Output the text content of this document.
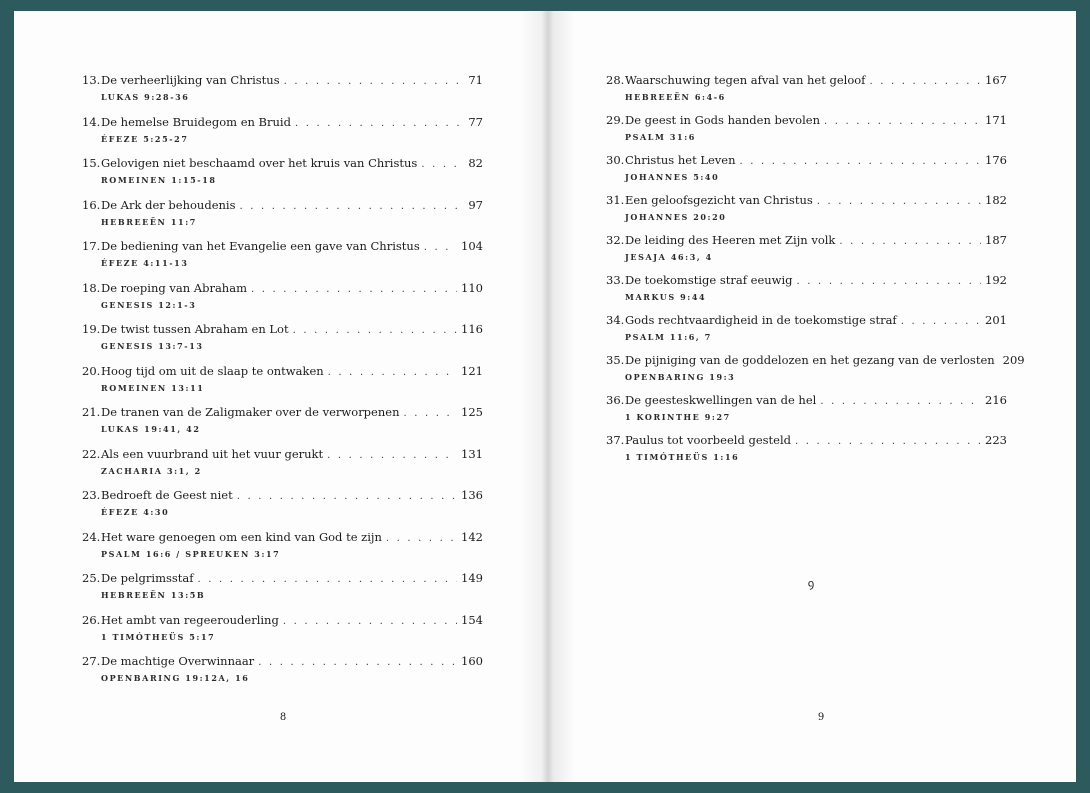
13. De verheerlijking van Christus . . .	71
LUKAS 9:28-36
14. De hemelse Bruidegom en Bruid . . .	77
ÉFEZE 5:25-27
15. Gelovigen niet beschaamd over het kruis van Christus . . .	82
ROMEINEN 1:15-18
16. De Ark der behoudenis . . .	97
HEBREEËN 11:7
17. De bediening van het Evangelie een gave van Christus . . .	104
ÉFEZE 4:11-13
18. De roeping van Abraham . . .	110
GENESIS 12:1-3
19. De twist tussen Abraham en Lot . . .	116
GENESIS 13:7-13
20. Hoog tijd om uit de slaap te ontwaken . . .	121
ROMEINEN 13:11
21. De tranen van de Zaligmaker over de verworpenen . . .	125
LUKAS 19:41, 42
22. Als een vuurbrand uit het vuur gerukt . . .	131
ZACHARIA 3:1, 2
23. Bedroeft de Geest niet . . .	136
ÉFEZE 4:30
24. Het ware genoegen om een kind van God te zijn . . .	142
PSALM 16:6 / SPREUKEN 3:17
25. De pelgrimsstaf . . .	149
HEBREEËN 13:5B
26. Het ambt van regeerouderling . . .	154
1 TIMÓTHEÜS 5:17
27. De machtige Overwinnaar . . .	160
OPENBARING 19:12A, 16
8
ꝯ
9
28. Waarschuwing tegen afval van het geloof . . .	167
HEBREEËN 6:4-6
29. De geest in Gods handen bevolen . . .	171
PSALM 31:6
30. Christus het Leven . . .	176
JOHANNES 5:40
31. Een geloofsgezicht van Christus . . .	182
JOHANNES 20:20
32. De leiding des Heeren met Zijn volk . . .	187
JESAJA 46:3, 4
33. De toekomstige straf eeuwig . . .	192
MARKUS 9:44
34. Gods rechtvaardigheid in de toekomstige straf . . .	201
PSALM 11:6, 7
35. De pijniging van de goddelozen en het gezang van de verlosten 209
OPENBARING 19:3
36. De geesteskwellingen van de hel . . .	216
1 KORINTHE 9:27
37. Paulus tot voorbeeld gesteld . . .	223
1 TIMÓTHEÜS 1:16
